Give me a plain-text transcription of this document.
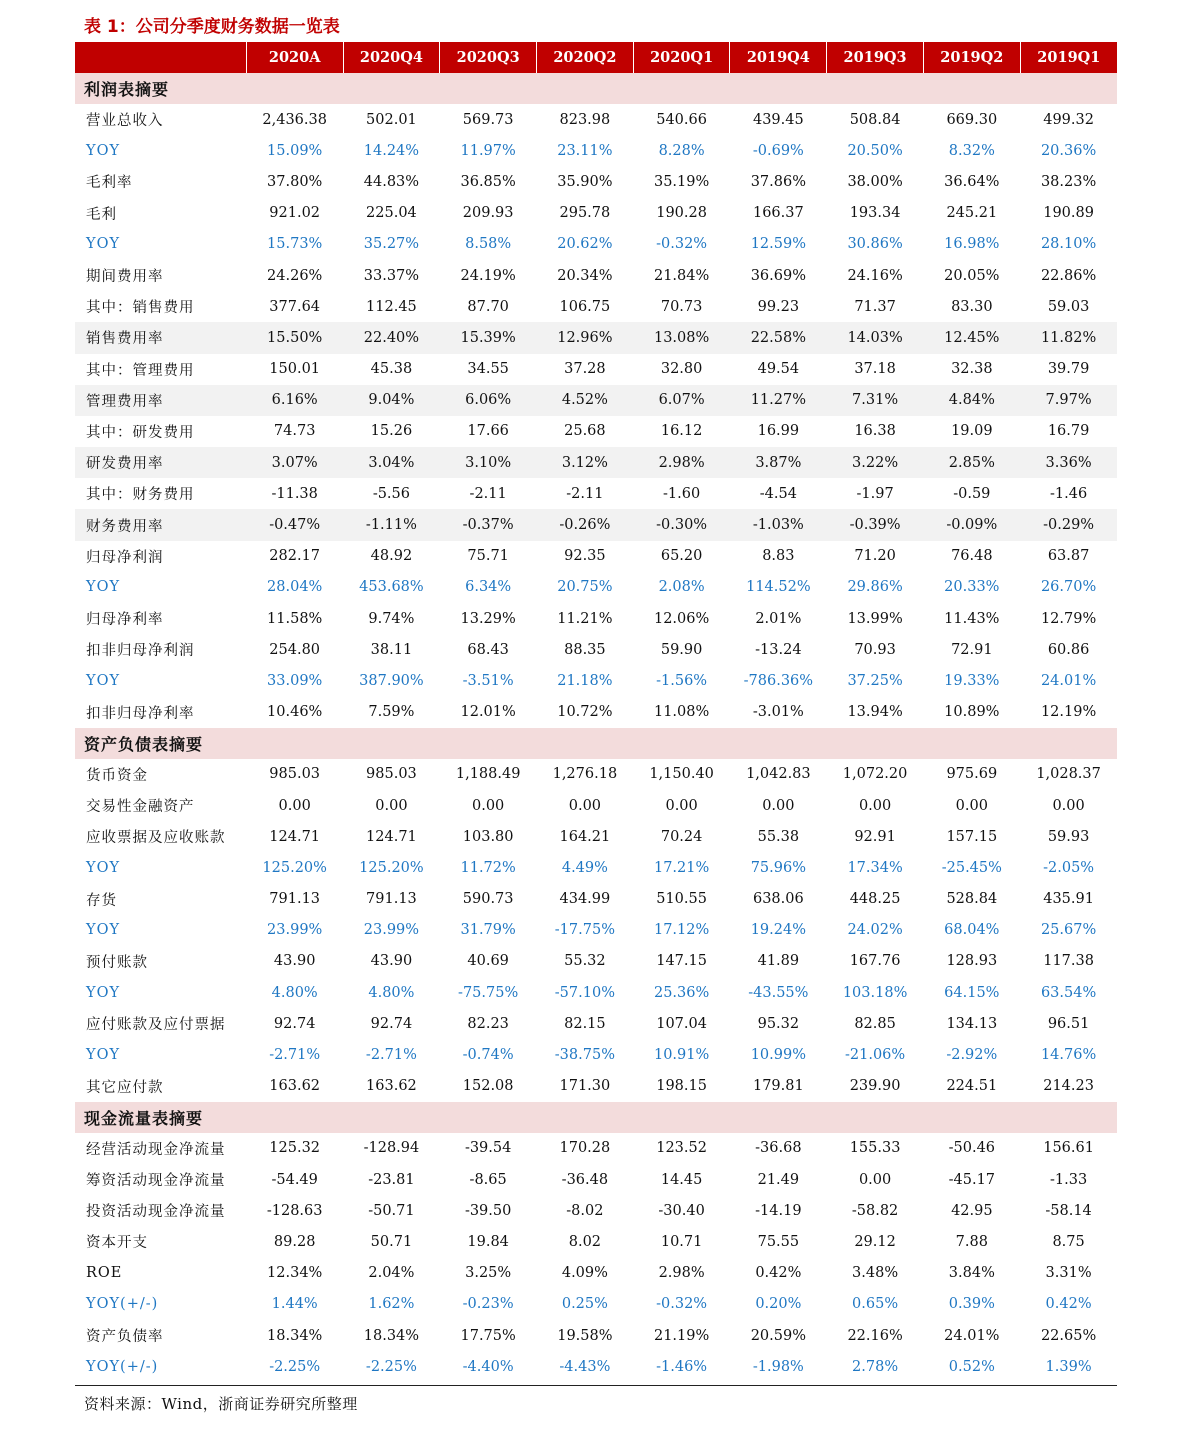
表 1：公司分季度财务数据一览表
	2020A	2020Q4	2020Q3	2020Q2	2020Q1	2019Q4	2019Q3	2019Q2	2019Q1
利润表摘要									
营业总收入	2,436.38	502.01	569.73	823.98	540.66	439.45	508.84	669.30	499.32
YOY	15.09%	14.24%	11.97%	23.11%	8.28%	-0.69%	20.50%	8.32%	20.36%
毛利率	37.80%	44.83%	36.85%	35.90%	35.19%	37.86%	38.00%	36.64%	38.23%
毛利	921.02	225.04	209.93	295.78	190.28	166.37	193.34	245.21	190.89
YOY	15.73%	35.27%	8.58%	20.62%	-0.32%	12.59%	30.86%	16.98%	28.10%
期间费用率	24.26%	33.37%	24.19%	20.34%	21.84%	36.69%	24.16%	20.05%	22.86%
其中：销售费用	377.64	112.45	87.70	106.75	70.73	99.23	71.37	83.30	59.03
销售费用率	15.50%	22.40%	15.39%	12.96%	13.08%	22.58%	14.03%	12.45%	11.82%
其中：管理费用	150.01	45.38	34.55	37.28	32.80	49.54	37.18	32.38	39.79
管理费用率	6.16%	9.04%	6.06%	4.52%	6.07%	11.27%	7.31%	4.84%	7.97%
其中：研发费用	74.73	15.26	17.66	25.68	16.12	16.99	16.38	19.09	16.79
研发费用率	3.07%	3.04%	3.10%	3.12%	2.98%	3.87%	3.22%	2.85%	3.36%
其中：财务费用	-11.38	-5.56	-2.11	-2.11	-1.60	-4.54	-1.97	-0.59	-1.46
财务费用率	-0.47%	-1.11%	-0.37%	-0.26%	-0.30%	-1.03%	-0.39%	-0.09%	-0.29%
归母净利润	282.17	48.92	75.71	92.35	65.20	8.83	71.20	76.48	63.87
YOY	28.04%	453.68%	6.34%	20.75%	2.08%	114.52%	29.86%	20.33%	26.70%
归母净利率	11.58%	9.74%	13.29%	11.21%	12.06%	2.01%	13.99%	11.43%	12.79%
扣非归母净利润	254.80	38.11	68.43	88.35	59.90	-13.24	70.93	72.91	60.86
YOY	33.09%	387.90%	-3.51%	21.18%	-1.56%	-786.36%	37.25%	19.33%	24.01%
扣非归母净利率	10.46%	7.59%	12.01%	10.72%	11.08%	-3.01%	13.94%	10.89%	12.19%
资产负债表摘要									
货币资金	985.03	985.03	1,188.49	1,276.18	1,150.40	1,042.83	1,072.20	975.69	1,028.37
交易性金融资产	0.00	0.00	0.00	0.00	0.00	0.00	0.00	0.00	0.00
应收票据及应收账款	124.71	124.71	103.80	164.21	70.24	55.38	92.91	157.15	59.93
YOY	125.20%	125.20%	11.72%	4.49%	17.21%	75.96%	17.34%	-25.45%	-2.05%
存货	791.13	791.13	590.73	434.99	510.55	638.06	448.25	528.84	435.91
YOY	23.99%	23.99%	31.79%	-17.75%	17.12%	19.24%	24.02%	68.04%	25.67%
预付账款	43.90	43.90	40.69	55.32	147.15	41.89	167.76	128.93	117.38
YOY	4.80%	4.80%	-75.75%	-57.10%	25.36%	-43.55%	103.18%	64.15%	63.54%
应付账款及应付票据	92.74	92.74	82.23	82.15	107.04	95.32	82.85	134.13	96.51
YOY	-2.71%	-2.71%	-0.74%	-38.75%	10.91%	10.99%	-21.06%	-2.92%	14.76%
其它应付款	163.62	163.62	152.08	171.30	198.15	179.81	239.90	224.51	214.23
现金流量表摘要									
经营活动现金净流量	125.32	-128.94	-39.54	170.28	123.52	-36.68	155.33	-50.46	156.61
筹资活动现金净流量	-54.49	-23.81	-8.65	-36.48	14.45	21.49	0.00	-45.17	-1.33
投资活动现金净流量	-128.63	-50.71	-39.50	-8.02	-30.40	-14.19	-58.82	42.95	-58.14
资本开支	89.28	50.71	19.84	8.02	10.71	75.55	29.12	7.88	8.75
ROE	12.34%	2.04%	3.25%	4.09%	2.98%	0.42%	3.48%	3.84%	3.31%
YOY(+/-)	1.44%	1.62%	-0.23%	0.25%	-0.32%	0.20%	0.65%	0.39%	0.42%
资产负债率	18.34%	18.34%	17.75%	19.58%	21.19%	20.59%	22.16%	24.01%	22.65%
YOY(+/-)	-2.25%	-2.25%	-4.40%	-4.43%	-1.46%	-1.98%	2.78%	0.52%	1.39%
资料来源：Wind，浙商证券研究所整理
